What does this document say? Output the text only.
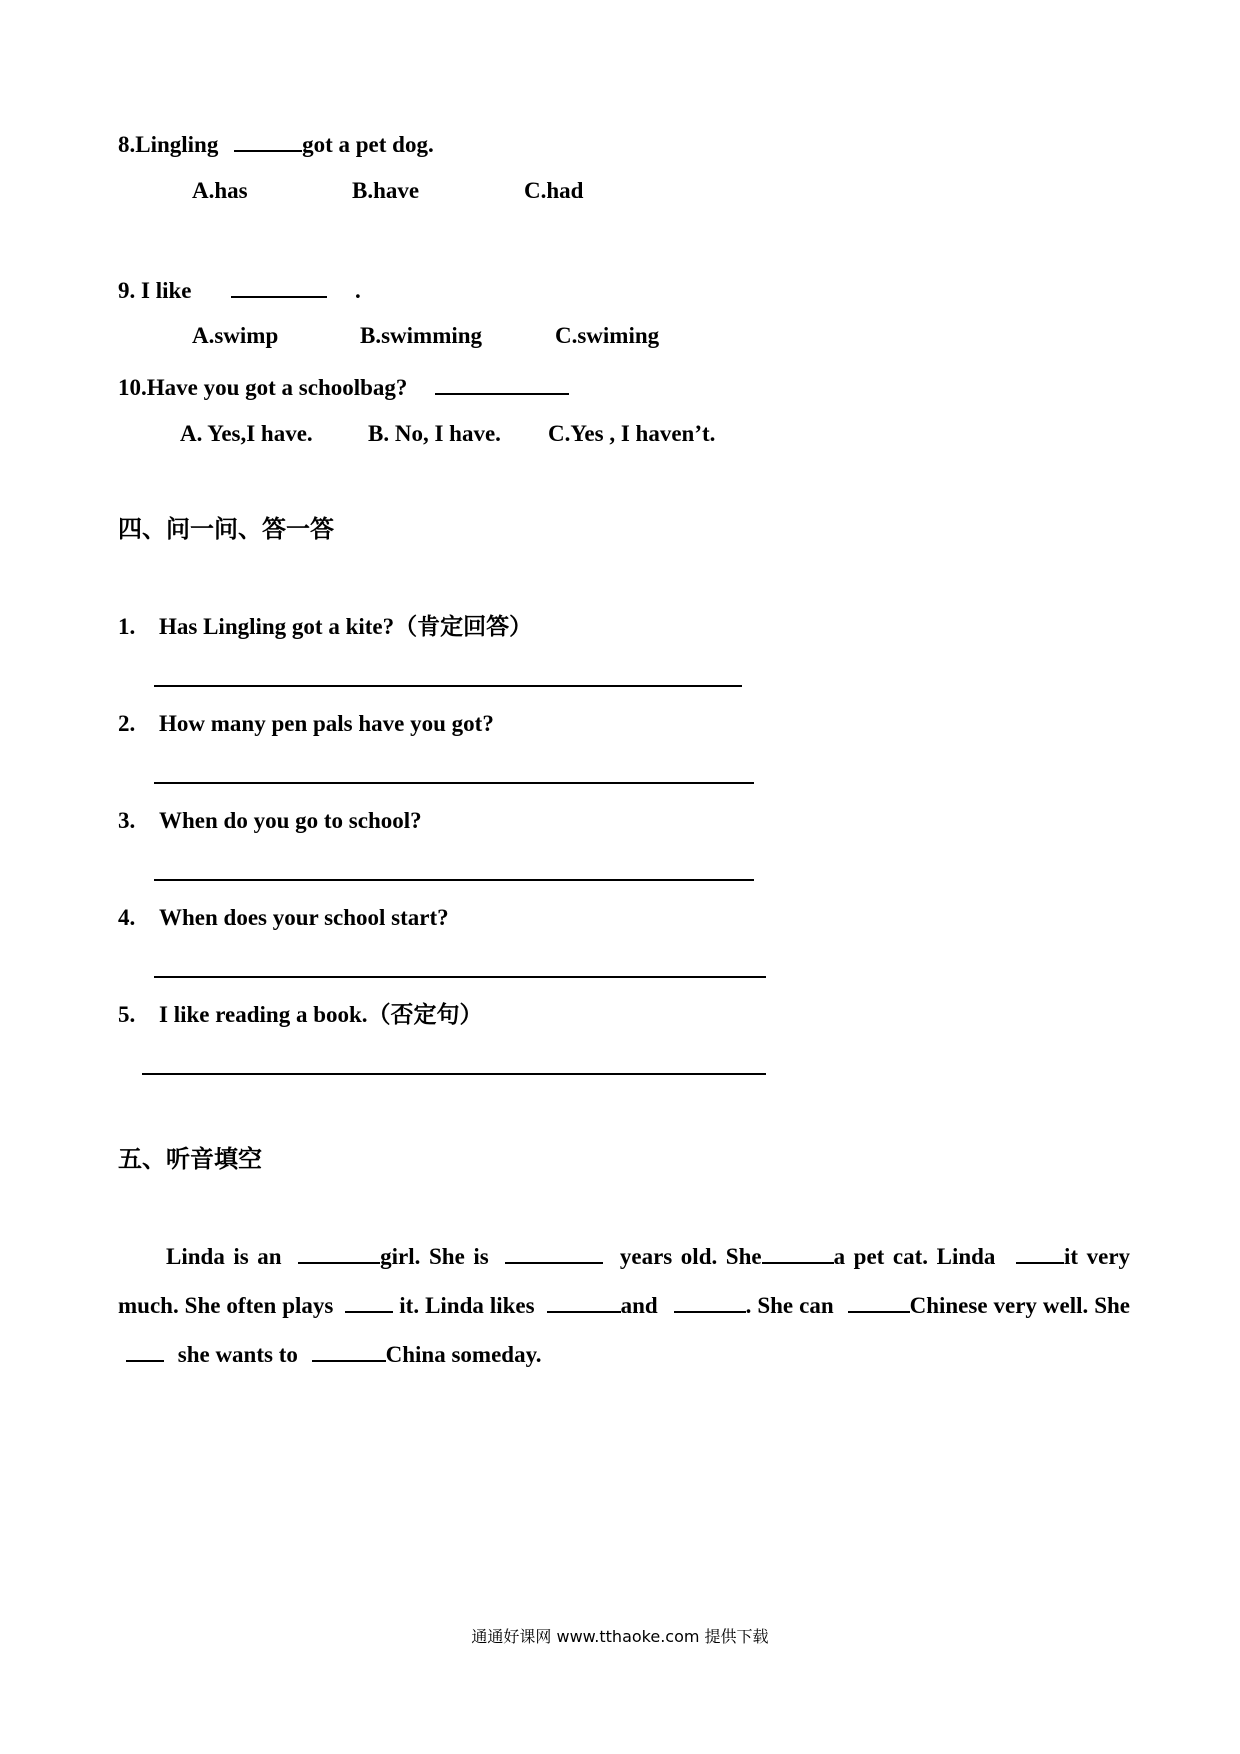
8.Lingling	got a pet dog.
A.has	B.have	C.had
9. I like	.
A.swimp	B.swimming	C.swiming
10.Have you got a schoolbag?
A. Yes,I have. B. No, I have. C.Yes , I haven’t.
四、问一问、答一答
1. Has Lingling got a kite?（肯定回答）
2. How many pen pals have you got?
3. When do you go to school?
4. When does your school start?
5. I like reading a book.（否定句）
五、听音填空
Linda is an	girl. She is	years old. She	a pet cat. Linda	it very much. She often plays	it. Linda likes	and	. She can	Chinese very well. She  she wants to	China someday.
通通好课网 www.tthaoke.com 提供下载
